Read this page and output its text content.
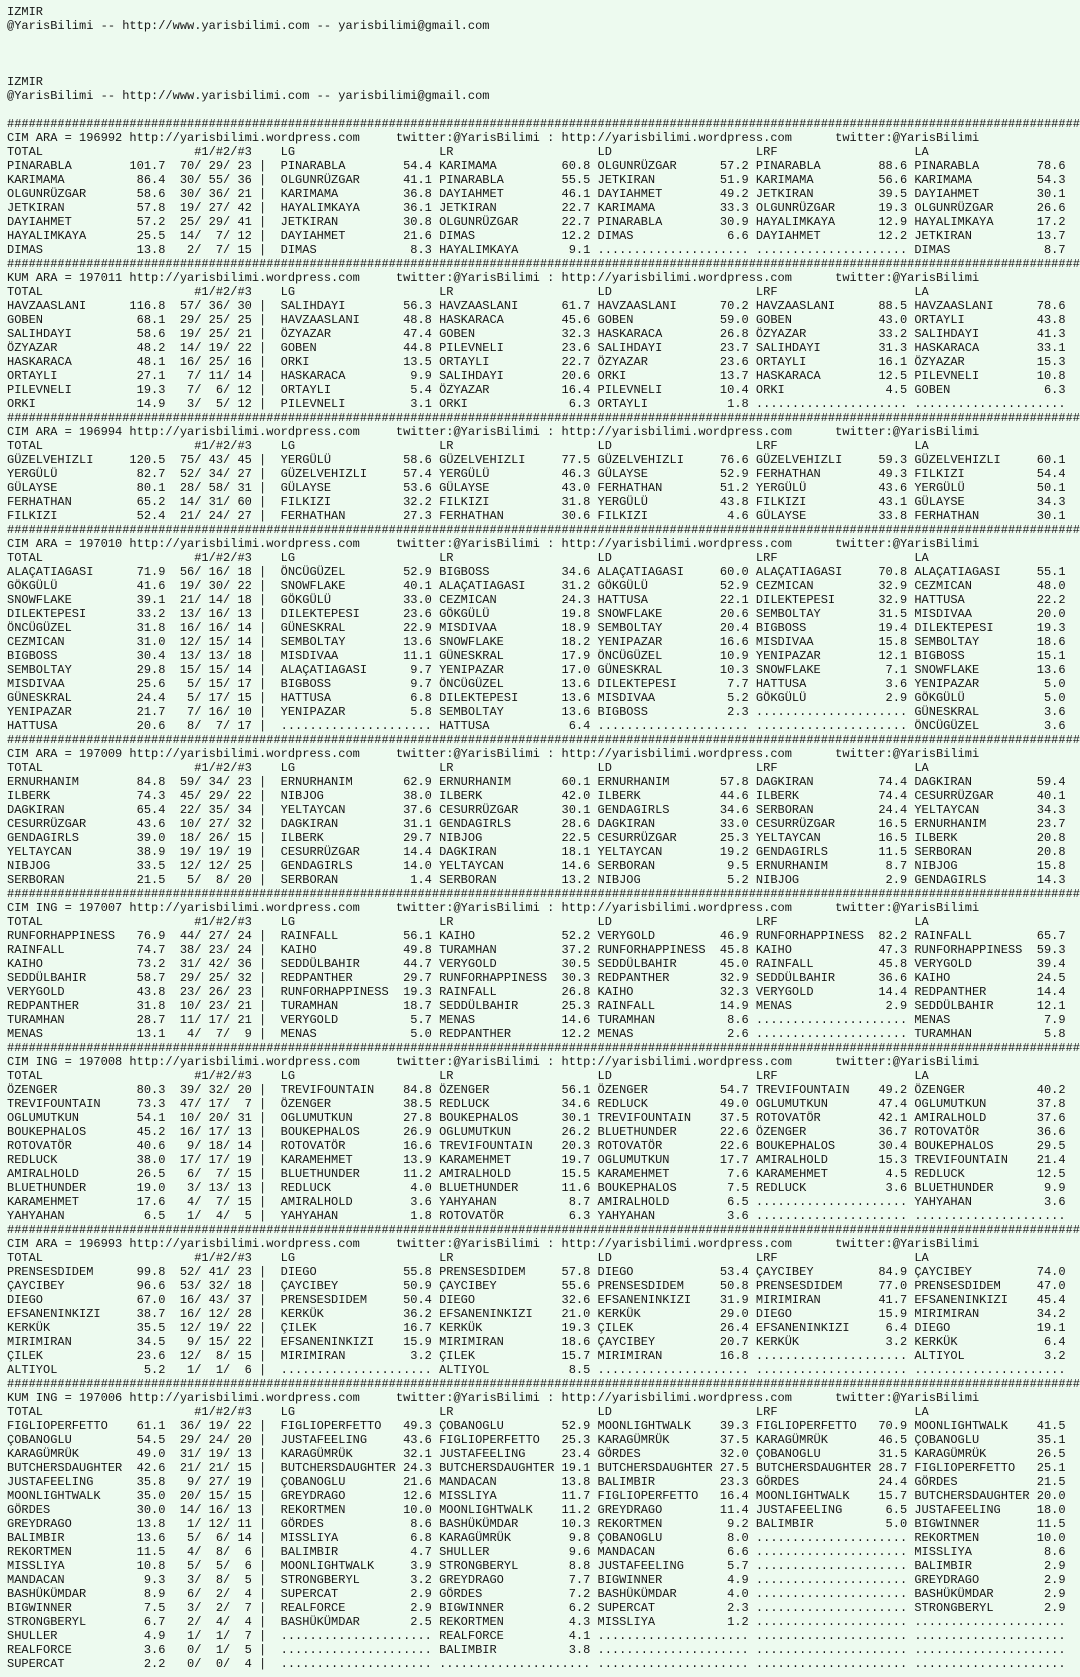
IZMIR
@YarisBilimi -- http://www.yarisbilimi.com -- yarisbilimi@gmail.com
IZMIR
@YarisBilimi -- http://www.yarisbilimi.com -- yarisbilimi@gmail.com
#####################################################################################################################################################
CIM ARA = 196992 http://yarisbilimi.wordpress.com     twitter:@YarisBilimi : http://yarisbilimi.wordpress.com      twitter:@YarisBilimi
TOTAL                     #1/#2/#3    LG                    LR                    LD                    LRF                   LA
PINARABLA        101.7  70/ 29/ 23 |  PINARABLA        54.4 KARIMAMA         60.8 OLGUNRÜZGAR      57.2 PINARABLA        88.6 PINARABLA        78.6
KARIMAMA          86.4  30/ 55/ 36 |  OLGUNRÜZGAR      41.1 PINARABLA        55.5 JETKIRAN         51.9 KARIMAMA         56.6 KARIMAMA         54.3
OLGUNRÜZGAR       58.6  30/ 36/ 21 |  KARIMAMA         36.8 DAYIAHMET        46.1 DAYIAHMET        49.2 JETKIRAN         39.5 DAYIAHMET        30.1
JETKIRAN          57.8  19/ 27/ 42 |  HAYALIMKAYA      36.1 JETKIRAN         22.7 KARIMAMA         33.3 OLGUNRÜZGAR      19.3 OLGUNRÜZGAR      26.6
DAYIAHMET         57.2  25/ 29/ 41 |  JETKIRAN         30.8 OLGUNRÜZGAR      22.7 PINARABLA        30.9 HAYALIMKAYA      12.9 HAYALIMKAYA      17.2
HAYALIMKAYA       25.5  14/  7/ 12 |  DAYIAHMET        21.6 DIMAS            12.2 DIMAS             6.6 DAYIAHMET        12.2 JETKIRAN         13.7
DIMAS             13.8   2/  7/ 15 |  DIMAS             8.3 HAYALIMKAYA       9.1 ..................... ..................... DIMAS             8.7
#####################################################################################################################################################
KUM ARA = 197011 http://yarisbilimi.wordpress.com     twitter:@YarisBilimi : http://yarisbilimi.wordpress.com      twitter:@YarisBilimi
TOTAL                     #1/#2/#3    LG                    LR                    LD                    LRF                   LA
HAVZAASLANI      116.8  57/ 36/ 30 |  SALIHDAYI        56.3 HAVZAASLANI      61.7 HAVZAASLANI      70.2 HAVZAASLANI      88.5 HAVZAASLANI      78.6
GOBEN             68.1  29/ 25/ 25 |  HAVZAASLANI      48.8 HASKARACA        45.6 GOBEN            59.0 GOBEN            43.0 ORTAYLI          43.8
SALIHDAYI         58.6  19/ 25/ 21 |  ÖZYAZAR          47.4 GOBEN            32.3 HASKARACA        26.8 ÖZYAZAR          33.2 SALIHDAYI        41.3
ÖZYAZAR           48.2  14/ 19/ 22 |  GOBEN            44.8 PILEVNELI        23.6 SALIHDAYI        23.7 SALIHDAYI        31.3 HASKARACA        33.1
HASKARACA         48.1  16/ 25/ 16 |  ORKI             13.5 ORTAYLI          22.7 ÖZYAZAR          23.6 ORTAYLI          16.1 ÖZYAZAR          15.3
ORTAYLI           27.1   7/ 11/ 14 |  HASKARACA         9.9 SALIHDAYI        20.6 ORKI             13.7 HASKARACA        12.5 PILEVNELI        10.8
PILEVNELI         19.3   7/  6/ 12 |  ORTAYLI           5.4 ÖZYAZAR          16.4 PILEVNELI        10.4 ORKI              4.5 GOBEN             6.3
ORKI              14.9   3/  5/ 12 |  PILEVNELI         3.1 ORKI              6.3 ORTAYLI           1.8 ..................... .....................
#####################################################################################################################################################
CIM ARA = 196994 http://yarisbilimi.wordpress.com     twitter:@YarisBilimi : http://yarisbilimi.wordpress.com      twitter:@YarisBilimi
TOTAL                     #1/#2/#3    LG                    LR                    LD                    LRF                   LA
GÜZELVEHIZLI     120.5  75/ 43/ 45 |  YERGÜLÜ          58.6 GÜZELVEHIZLI     77.5 GÜZELVEHIZLI     76.6 GÜZELVEHIZLI     59.3 GÜZELVEHIZLI     60.1
YERGÜLÜ           82.7  52/ 34/ 27 |  GÜZELVEHIZLI     57.4 YERGÜLÜ          46.3 GÜLAYSE          52.9 FERHATHAN        49.3 FILKIZI          54.4
GÜLAYSE           80.1  28/ 58/ 31 |  GÜLAYSE          53.6 GÜLAYSE          43.0 FERHATHAN        51.2 YERGÜLÜ          43.6 YERGÜLÜ          50.1
FERHATHAN         65.2  14/ 31/ 60 |  FILKIZI          32.2 FILKIZI          31.8 YERGÜLÜ          43.8 FILKIZI          43.1 GÜLAYSE          34.3
FILKIZI           52.4  21/ 24/ 27 |  FERHATHAN        27.3 FERHATHAN        30.6 FILKIZI           4.6 GÜLAYSE          33.8 FERHATHAN        30.1
#####################################################################################################################################################
CIM ARA = 197010 http://yarisbilimi.wordpress.com     twitter:@YarisBilimi : http://yarisbilimi.wordpress.com      twitter:@YarisBilimi
TOTAL                     #1/#2/#3    LG                    LR                    LD                    LRF                   LA
ALAÇATIAGASI      71.9  56/ 16/ 18 |  ÖNCÜGÜZEL        52.9 BIGBOSS          34.6 ALAÇATIAGASI     60.0 ALAÇATIAGASI     70.8 ALAÇATIAGASI     55.1
GÖKGÜLÜ           41.6  19/ 30/ 22 |  SNOWFLAKE        40.1 ALAÇATIAGASI     31.2 GÖKGÜLÜ          52.9 CEZMICAN         32.9 CEZMICAN         48.0
SNOWFLAKE         39.1  21/ 14/ 18 |  GÖKGÜLÜ          33.0 CEZMICAN         24.3 HATTUSA          22.1 DILEKTEPESI      32.9 HATTUSA          22.2
DILEKTEPESI       33.2  13/ 16/ 13 |  DILEKTEPESI      23.6 GÖKGÜLÜ          19.8 SNOWFLAKE        20.6 SEMBOLTAY        31.5 MISDIVAA         20.0
ÖNCÜGÜZEL         31.8  16/ 16/ 14 |  GÜNESKRAL        22.9 MISDIVAA         18.9 SEMBOLTAY        20.4 BIGBOSS          19.4 DILEKTEPESI      19.3
CEZMICAN          31.0  12/ 15/ 14 |  SEMBOLTAY        13.6 SNOWFLAKE        18.2 YENIPAZAR        16.6 MISDIVAA         15.8 SEMBOLTAY        18.6
BIGBOSS           30.4  13/ 13/ 18 |  MISDIVAA         11.1 GÜNESKRAL        17.9 ÖNCÜGÜZEL        10.9 YENIPAZAR        12.1 BIGBOSS          15.1
SEMBOLTAY         29.8  15/ 15/ 14 |  ALAÇATIAGASI      9.7 YENIPAZAR        17.0 GÜNESKRAL        10.3 SNOWFLAKE         7.1 SNOWFLAKE        13.6
MISDIVAA          25.6   5/ 15/ 17 |  BIGBOSS           9.7 ÖNCÜGÜZEL        13.6 DILEKTEPESI       7.7 HATTUSA           3.6 YENIPAZAR         5.0
GÜNESKRAL         24.4   5/ 17/ 15 |  HATTUSA           6.8 DILEKTEPESI      13.6 MISDIVAA          5.2 GÖKGÜLÜ           2.9 GÖKGÜLÜ           5.0
YENIPAZAR         21.7   7/ 16/ 10 |  YENIPAZAR         5.8 SEMBOLTAY        13.6 BIGBOSS           2.3 ..................... GÜNESKRAL         3.6
HATTUSA           20.6   8/  7/ 17 |  ..................... HATTUSA           6.4 ..................... ..................... ÖNCÜGÜZEL         3.6
#####################################################################################################################################################
CIM ARA = 197009 http://yarisbilimi.wordpress.com     twitter:@YarisBilimi : http://yarisbilimi.wordpress.com      twitter:@YarisBilimi
TOTAL                     #1/#2/#3    LG                    LR                    LD                    LRF                   LA
ERNURHANIM        84.8  59/ 34/ 23 |  ERNURHANIM       62.9 ERNURHANIM       60.1 ERNURHANIM       57.8 DAGKIRAN         74.4 DAGKIRAN         59.4
ILBERK            74.3  45/ 29/ 22 |  NIBJOG           38.0 ILBERK           42.0 ILBERK           44.6 ILBERK           74.4 CESURRÜZGAR      40.1
DAGKIRAN          65.4  22/ 35/ 34 |  YELTAYCAN        37.6 CESURRÜZGAR      30.1 GENDAGIRLS       34.6 SERBORAN         24.4 YELTAYCAN        34.3
CESURRÜZGAR       43.6  10/ 27/ 32 |  DAGKIRAN         31.1 GENDAGIRLS       28.6 DAGKIRAN         33.0 CESURRÜZGAR      16.5 ERNURHANIM       23.7
GENDAGIRLS        39.0  18/ 26/ 15 |  ILBERK           29.7 NIBJOG           22.5 CESURRÜZGAR      25.3 YELTAYCAN        16.5 ILBERK           20.8
YELTAYCAN         38.9  19/ 19/ 19 |  CESURRÜZGAR      14.4 DAGKIRAN         18.1 YELTAYCAN        19.2 GENDAGIRLS       11.5 SERBORAN         20.8
NIBJOG            33.5  12/ 12/ 25 |  GENDAGIRLS       14.0 YELTAYCAN        14.6 SERBORAN          9.5 ERNURHANIM        8.7 NIBJOG           15.8
SERBORAN          21.5   5/  8/ 20 |  SERBORAN          1.4 SERBORAN         13.2 NIBJOG            5.2 NIBJOG            2.9 GENDAGIRLS       14.3
#####################################################################################################################################################
CIM ING = 197007 http://yarisbilimi.wordpress.com     twitter:@YarisBilimi : http://yarisbilimi.wordpress.com      twitter:@YarisBilimi
TOTAL                     #1/#2/#3    LG                    LR                    LD                    LRF                   LA
RUNFORHAPPINESS   76.9  44/ 27/ 24 |  RAINFALL         56.1 KAIHO            52.2 VERYGOLD         46.9 RUNFORHAPPINESS  82.2 RAINFALL         65.7
RAINFALL          74.7  38/ 23/ 24 |  KAIHO            49.8 TURAMHAN         37.2 RUNFORHAPPINESS  45.8 KAIHO            47.3 RUNFORHAPPINESS  59.3
KAIHO             73.2  31/ 42/ 36 |  SEDDÜLBAHIR      44.7 VERYGOLD         30.5 SEDDÜLBAHIR      45.0 RAINFALL         45.8 VERYGOLD         39.4
SEDDÜLBAHIR       58.7  29/ 25/ 32 |  REDPANTHER       29.7 RUNFORHAPPINESS  30.3 REDPANTHER       32.9 SEDDÜLBAHIR      36.6 KAIHO            24.5
VERYGOLD          43.8  23/ 26/ 23 |  RUNFORHAPPINESS  19.3 RAINFALL         26.8 KAIHO            32.3 VERYGOLD         14.4 REDPANTHER       14.4
REDPANTHER        31.8  10/ 23/ 21 |  TURAMHAN         18.7 SEDDÜLBAHIR      25.3 RAINFALL         14.9 MENAS             2.9 SEDDÜLBAHIR      12.1
TURAMHAN          28.7  11/ 17/ 21 |  VERYGOLD          5.7 MENAS            14.6 TURAMHAN          8.6 ..................... MENAS             7.9
MENAS             13.1   4/  7/  9 |  MENAS             5.0 REDPANTHER       12.2 MENAS             2.6 ..................... TURAMHAN          5.8
#####################################################################################################################################################
CIM ING = 197008 http://yarisbilimi.wordpress.com     twitter:@YarisBilimi : http://yarisbilimi.wordpress.com      twitter:@YarisBilimi
TOTAL                     #1/#2/#3    LG                    LR                    LD                    LRF                   LA
ÖZENGER           80.3  39/ 32/ 20 |  TREVIFOUNTAIN    84.8 ÖZENGER          56.1 ÖZENGER          54.7 TREVIFOUNTAIN    49.2 ÖZENGER          40.2
TREVIFOUNTAIN     73.3  47/ 17/  7 |  ÖZENGER          38.5 REDLUCK          34.6 REDLUCK          49.0 OGLUMUTKUN       47.4 OGLUMUTKUN       37.8
OGLUMUTKUN        54.1  10/ 20/ 31 |  OGLUMUTKUN       27.8 BOUKEPHALOS      30.1 TREVIFOUNTAIN    37.5 ROTOVATÖR        42.1 AMIRALHOLD       37.6
BOUKEPHALOS       45.2  16/ 17/ 13 |  BOUKEPHALOS      26.9 OGLUMUTKUN       26.2 BLUETHUNDER      22.6 ÖZENGER          36.7 ROTOVATÖR        36.6
ROTOVATÖR         40.6   9/ 18/ 14 |  ROTOVATÖR        16.6 TREVIFOUNTAIN    20.3 ROTOVATÖR        22.6 BOUKEPHALOS      30.4 BOUKEPHALOS      29.5
REDLUCK           38.0  17/ 17/ 19 |  KARAMEHMET       13.9 KARAMEHMET       19.7 OGLUMUTKUN       17.7 AMIRALHOLD       15.3 TREVIFOUNTAIN    21.4
AMIRALHOLD        26.5   6/  7/ 15 |  BLUETHUNDER      11.2 AMIRALHOLD       15.5 KARAMEHMET        7.6 KARAMEHMET        4.5 REDLUCK          12.5
BLUETHUNDER       19.0   3/ 13/ 13 |  REDLUCK           4.0 BLUETHUNDER      11.6 BOUKEPHALOS       7.5 REDLUCK           3.6 BLUETHUNDER       9.9
KARAMEHMET        17.6   4/  7/ 15 |  AMIRALHOLD        3.6 YAHYAHAN          8.7 AMIRALHOLD        6.5 ..................... YAHYAHAN          3.6
YAHYAHAN           6.5   1/  4/  5 |  YAHYAHAN          1.8 ROTOVATÖR         6.3 YAHYAHAN          3.6 ..................... .....................
#####################################################################################################################################################
CIM ARA = 196993 http://yarisbilimi.wordpress.com     twitter:@YarisBilimi : http://yarisbilimi.wordpress.com      twitter:@YarisBilimi
TOTAL                     #1/#2/#3    LG                    LR                    LD                    LRF                   LA
PRENSESDIDEM      99.8  52/ 41/ 23 |  DIEGO            55.8 PRENSESDIDEM     57.8 DIEGO            53.4 ÇAYCIBEY         84.9 ÇAYCIBEY         74.0
ÇAYCIBEY          96.6  53/ 32/ 18 |  ÇAYCIBEY         50.9 ÇAYCIBEY         55.6 PRENSESDIDEM     50.8 PRENSESDIDEM     77.0 PRENSESDIDEM     47.0
DIEGO             67.0  16/ 43/ 37 |  PRENSESDIDEM     50.4 DIEGO            32.6 EFSANENINKIZI    31.9 MIRIMIRAN        41.7 EFSANENINKIZI    45.4
EFSANENINKIZI     38.7  16/ 12/ 28 |  KERKÜK           36.2 EFSANENINKIZI    21.0 KERKÜK           29.0 DIEGO            15.9 MIRIMIRAN        34.2
KERKÜK            35.5  12/ 19/ 22 |  ÇILEK            16.7 KERKÜK           19.3 ÇILEK            26.4 EFSANENINKIZI     6.4 DIEGO            19.1
MIRIMIRAN         34.5   9/ 15/ 22 |  EFSANENINKIZI    15.9 MIRIMIRAN        18.6 ÇAYCIBEY         20.7 KERKÜK            3.2 KERKÜK            6.4
ÇILEK             23.6  12/  8/ 15 |  MIRIMIRAN         3.2 ÇILEK            15.7 MIRIMIRAN        16.8 ..................... ALTIYOL           3.2
ALTIYOL            5.2   1/  1/  6 |  ..................... ALTIYOL           8.5 ..................... ..................... .....................
#####################################################################################################################################################
KUM ING = 197006 http://yarisbilimi.wordpress.com     twitter:@YarisBilimi : http://yarisbilimi.wordpress.com      twitter:@YarisBilimi
TOTAL                     #1/#2/#3    LG                    LR                    LD                    LRF                   LA
FIGLIOPERFETTO    61.1  36/ 19/ 22 |  FIGLIOPERFETTO   49.3 ÇOBANOGLU        52.9 MOONLIGHTWALK    39.3 FIGLIOPERFETTO   70.9 MOONLIGHTWALK    41.5
ÇOBANOGLU         54.5  29/ 24/ 20 |  JUSTAFEELING     43.6 FIGLIOPERFETTO   25.3 KARAGÜMRÜK       37.5 KARAGÜMRÜK       46.5 ÇOBANOGLU        35.1
KARAGÜMRÜK        49.0  31/ 19/ 13 |  KARAGÜMRÜK       32.1 JUSTAFEELING     23.4 GÖRDES           32.0 ÇOBANOGLU        31.5 KARAGÜMRÜK       26.5
BUTCHERSDAUGHTER  42.6  21/ 21/ 15 |  BUTCHERSDAUGHTER 24.3 BUTCHERSDAUGHTER 19.1 BUTCHERSDAUGHTER 27.5 BUTCHERSDAUGHTER 28.7 FIGLIOPERFETTO   25.1
JUSTAFEELING      35.8   9/ 27/ 19 |  ÇOBANOGLU        21.6 MANDACAN         13.8 BALIMBIR         23.3 GÖRDES           24.4 GÖRDES           21.5
MOONLIGHTWALK     35.0  20/ 15/ 15 |  GREYDRAGO        12.6 MISSLIYA         11.7 FIGLIOPERFETTO   16.4 MOONLIGHTWALK    15.7 BUTCHERSDAUGHTER 20.0
GÖRDES            30.0  14/ 16/ 13 |  REKORTMEN        10.0 MOONLIGHTWALK    11.2 GREYDRAGO        11.4 JUSTAFEELING      6.5 JUSTAFEELING     18.0
GREYDRAGO         13.8   1/ 12/ 11 |  GÖRDES            8.6 BASHÜKÜMDAR      10.3 REKORTMEN         9.2 BALIMBIR          5.0 BIGWINNER        11.5
BALIMBIR          13.6   5/  6/ 14 |  MISSLIYA          6.8 KARAGÜMRÜK        9.8 ÇOBANOGLU         8.0 ..................... REKORTMEN        10.0
REKORTMEN         11.5   4/  8/  6 |  BALIMBIR          4.7 SHULLER           9.6 MANDACAN          6.6 ..................... MISSLIYA          8.6
MISSLIYA          10.8   5/  5/  6 |  MOONLIGHTWALK     3.9 STRONGBERYL       8.8 JUSTAFEELING      5.7 ..................... BALIMBIR          2.9
MANDACAN           9.3   3/  8/  5 |  STRONGBERYL       3.2 GREYDRAGO         7.7 BIGWINNER         4.9 ..................... GREYDRAGO         2.9
BASHÜKÜMDAR        8.9   6/  2/  4 |  SUPERCAT          2.9 GÖRDES            7.2 BASHÜKÜMDAR       4.0 ..................... BASHÜKÜMDAR       2.9
BIGWINNER          7.5   3/  2/  7 |  REALFORCE         2.9 BIGWINNER         6.2 SUPERCAT          2.3 ..................... STRONGBERYL       2.9
STRONGBERYL        6.7   2/  4/  4 |  BASHÜKÜMDAR       2.5 REKORTMEN         4.3 MISSLIYA          1.2 ..................... .....................
SHULLER            4.9   1/  1/  7 |  ..................... REALFORCE         4.1 ..................... ..................... .....................
REALFORCE          3.6   0/  1/  5 |  ..................... BALIMBIR          3.8 ..................... ..................... .....................
SUPERCAT           2.2   0/  0/  4 |  ..................... ..................... ..................... ..................... .....................
